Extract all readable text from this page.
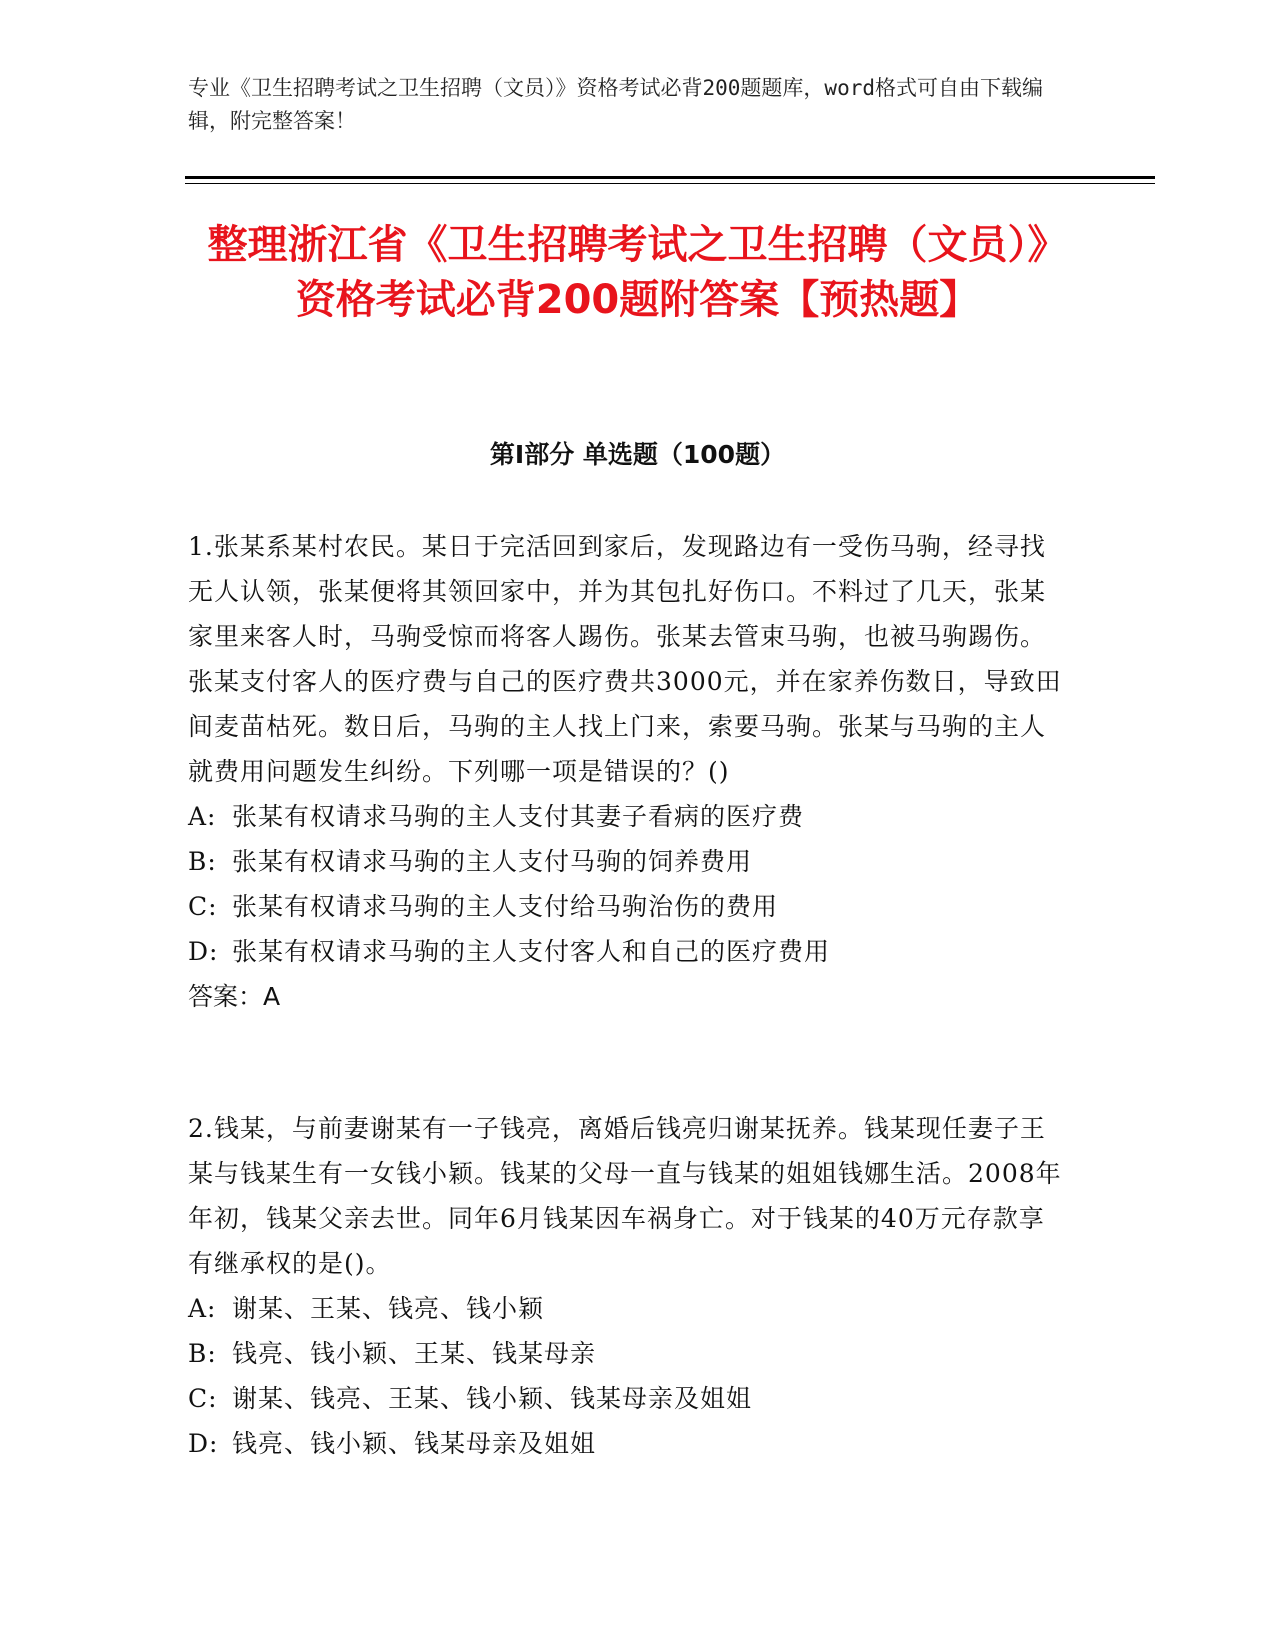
专业《卫生招聘考试之卫生招聘（文员）》资格考试必背200题题库，word格式可自由下载编辑，附完整答案！
整理浙江省《卫生招聘考试之卫生招聘（文员）》资格考试必背200题附答案【预热题】
第I部分 单选题（100题）

1.张某系某村农民。某日于完活回到家后，发现路边有一受伤马驹，经寻找无人认领，张某便将其领回家中，并为其包扎好伤口。不料过了几天，张某家里来客人时，马驹受惊而将客人踢伤。张某去管束马驹，也被马驹踢伤。张某支付客人的医疗费与自己的医疗费共3000元，并在家养伤数日，导致田间麦苗枯死。数日后，马驹的主人找上门来，索要马驹。张某与马驹的主人就费用问题发生纠纷。下列哪一项是错误的？()

A: 张某有权请求马驹的主人支付其妻子看病的医疗费
B: 张某有权请求马驹的主人支付马驹的饲养费用
C: 张某有权请求马驹的主人支付给马驹治伤的费用
D: 张某有权请求马驹的主人支付客人和自己的医疗费用

答案：A

2.钱某，与前妻谢某有一子钱亮，离婚后钱亮归谢某抚养。钱某现任妻子王某与钱某生有一女钱小颖。钱某的父母一直与钱某的姐姐钱娜生活。2008年年初，钱某父亲去世。同年6月钱某因车祸身亡。对于钱某的40万元存款享有继承权的是()。

A: 谢某、王某、钱亮、钱小颖
B: 钱亮、钱小颖、王某、钱某母亲
C: 谢某、钱亮、王某、钱小颖、钱某母亲及姐姐
D: 钱亮、钱小颖、钱某母亲及姐姐
